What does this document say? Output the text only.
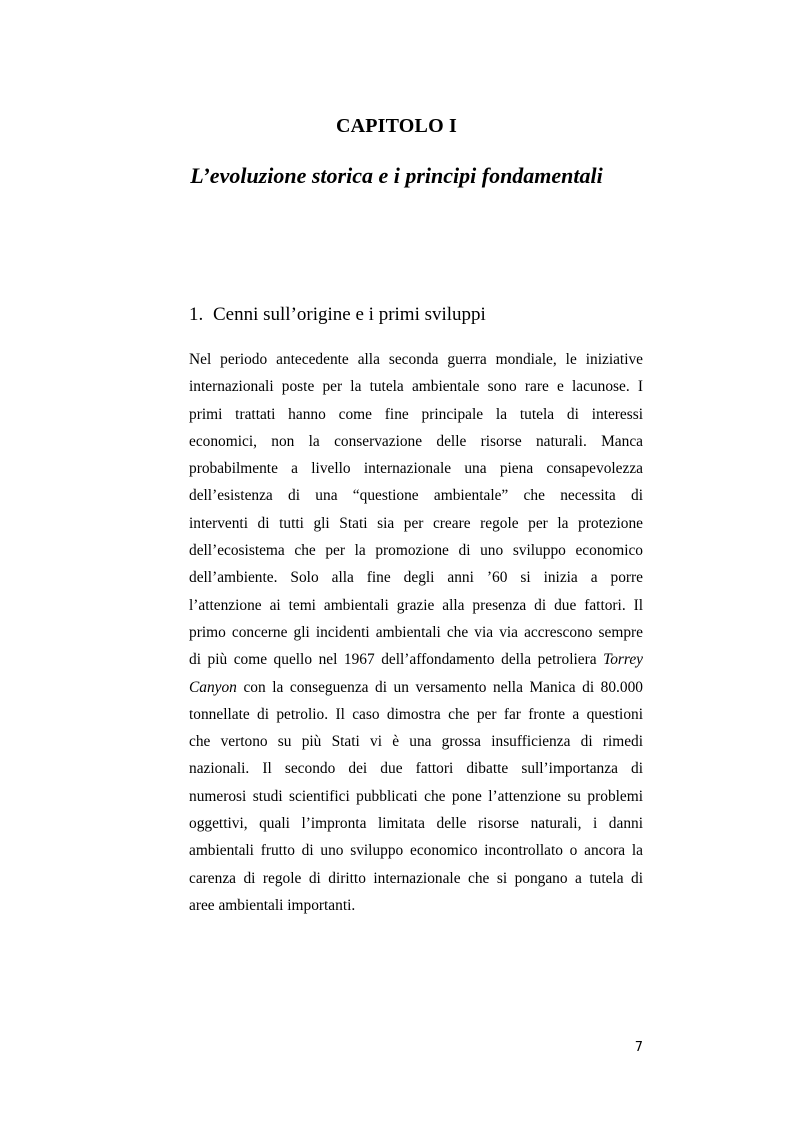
CAPITOLO I
L’evoluzione storica e i principi fondamentali
1. Cenni sull’origine e i primi sviluppi
Nel periodo antecedente alla seconda guerra mondiale, le iniziative
internazionali poste per la tutela ambientale sono rare e lacunose. I
primi trattati hanno come fine principale la tutela di interessi
economici, non la conservazione delle risorse naturali. Manca
probabilmente a livello internazionale una piena consapevolezza
dell’esistenza di una “questione ambientale” che necessita di
interventi di tutti gli Stati sia per creare regole per la protezione
dell’ecosistema che per la promozione di uno sviluppo economico
dell’ambiente. Solo alla fine degli anni ’60 si inizia a porre
l’attenzione ai temi ambientali grazie alla presenza di due fattori. Il
primo concerne gli incidenti ambientali che via via accrescono sempre
di più come quello nel 1967 dell’affondamento della petroliera Torrey
Canyon con la conseguenza di un versamento nella Manica di 80.000
tonnellate di petrolio. Il caso dimostra che per far fronte a questioni
che vertono su più Stati vi è una grossa insufficienza di rimedi
nazionali. Il secondo dei due fattori dibatte sull’importanza di
numerosi studi scientifici pubblicati che pone l’attenzione su problemi
oggettivi, quali l’impronta limitata delle risorse naturali, i danni
ambientali frutto di uno sviluppo economico incontrollato o ancora la
carenza di regole di diritto internazionale che si pongano a tutela di
aree ambientali importanti.
7
